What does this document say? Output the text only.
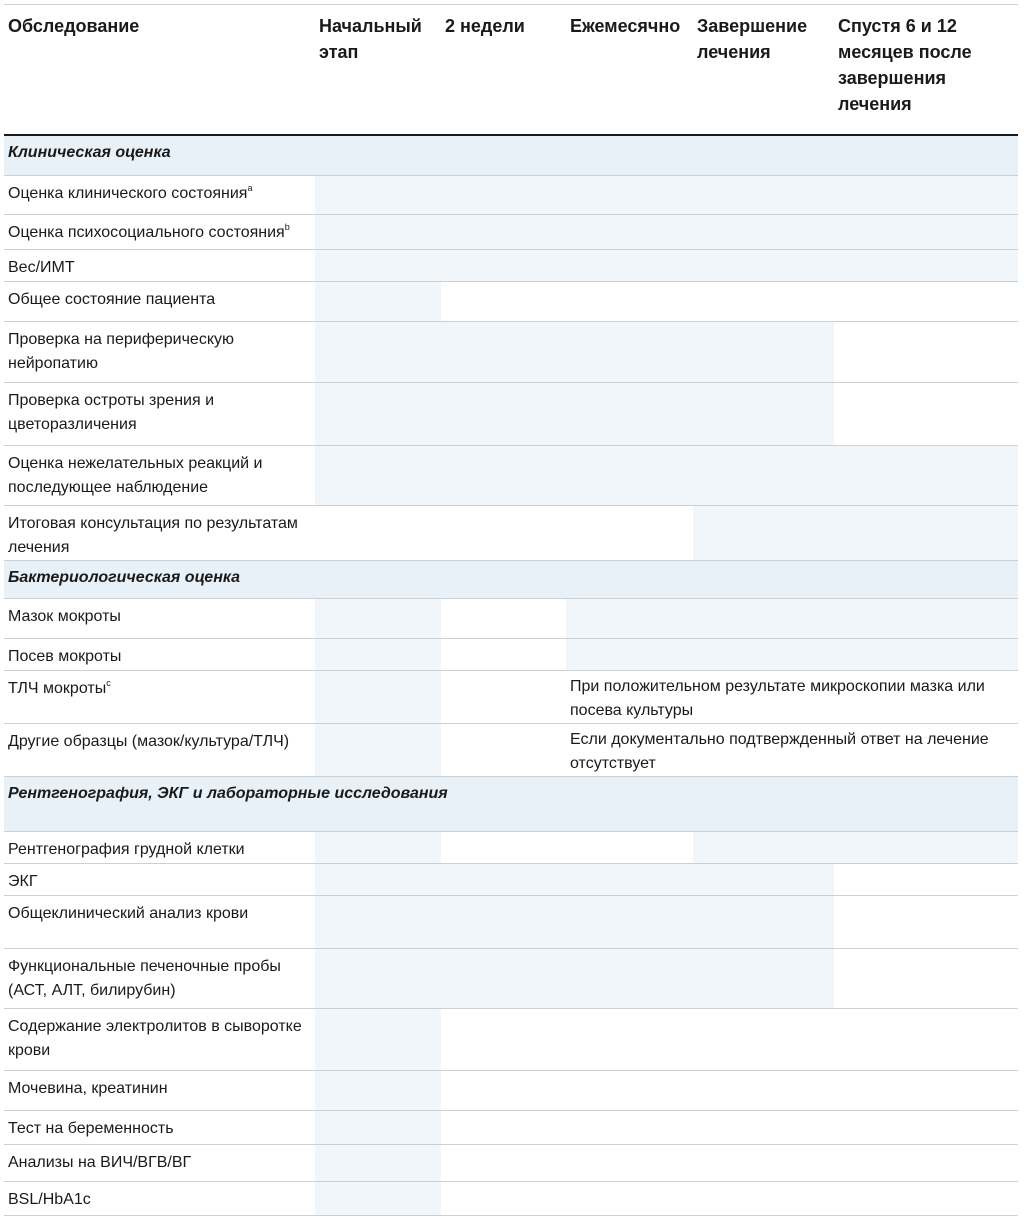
Обследование	Начальный этап	2 недели	Ежемесячно	Завершение лечения	Спустя 6 и 12 месяцев после завершения лечения
Клиническая оценка					
Оценка клинического состояния$^a$					
Оценка психосоциального состояния$^b$					
Вес/ИМТ					
Общее состояние пациента					
Проверка на периферическую нейропатию					
Проверка остроты зрения и цветоразличения					
Оценка нежелательных реакций и последующее наблюдение					
Итоговая консультация по результатам лечения					
Бактериологическая оценка					
Мазок мокроты					
Посев мокроты					
ТЛЧ мокроты$^c$			При положительном результате микроскопии мазка или посева культуры		
Другие образцы (мазок/культура/ТЛЧ)			Если документально подтвержденный ответ на лечение отсутствует		
Рентгенография, ЭКГ и лабораторные исследования					
Рентгенография грудной клетки					
ЭКГ					
Общеклинический анализ крови					
Функциональные печеночные пробы (АСТ, АЛТ, билирубин)					
Содержание электролитов в сыворотке крови					
Мочевина, креатинин					
Тест на беременность					
Анализы на ВИЧ/ВГВ/ВГ					
BSL/HbA1c					
